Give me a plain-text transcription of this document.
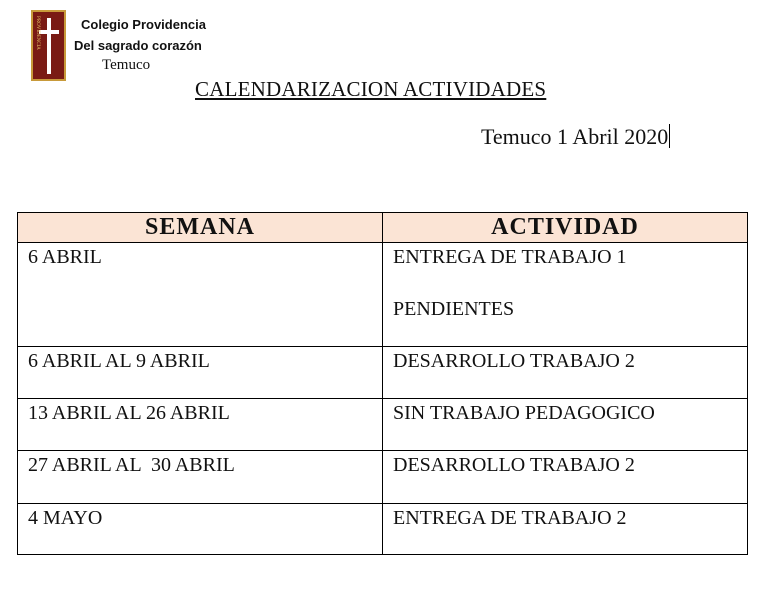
PROVIDENCIA	Colegio Providencia
Del sagrado corazón
Temuco
CALENDARIZACION ACTIVIDADES
Temuco 1 Abril 2020
SEMANA	ACTIVIDAD
6 ABRIL	ENTREGA DE TRABAJO 1
PENDIENTES

6 ABRIL AL 9 ABRIL	DESARROLLO TRABAJO 2
13 ABRIL AL 26 ABRIL	SIN TRABAJO PEDAGOGICO
27 ABRIL AL  30 ABRIL	DESARROLLO TRABAJO 2
4 MAYO	ENTREGA DE TRABAJO 2
